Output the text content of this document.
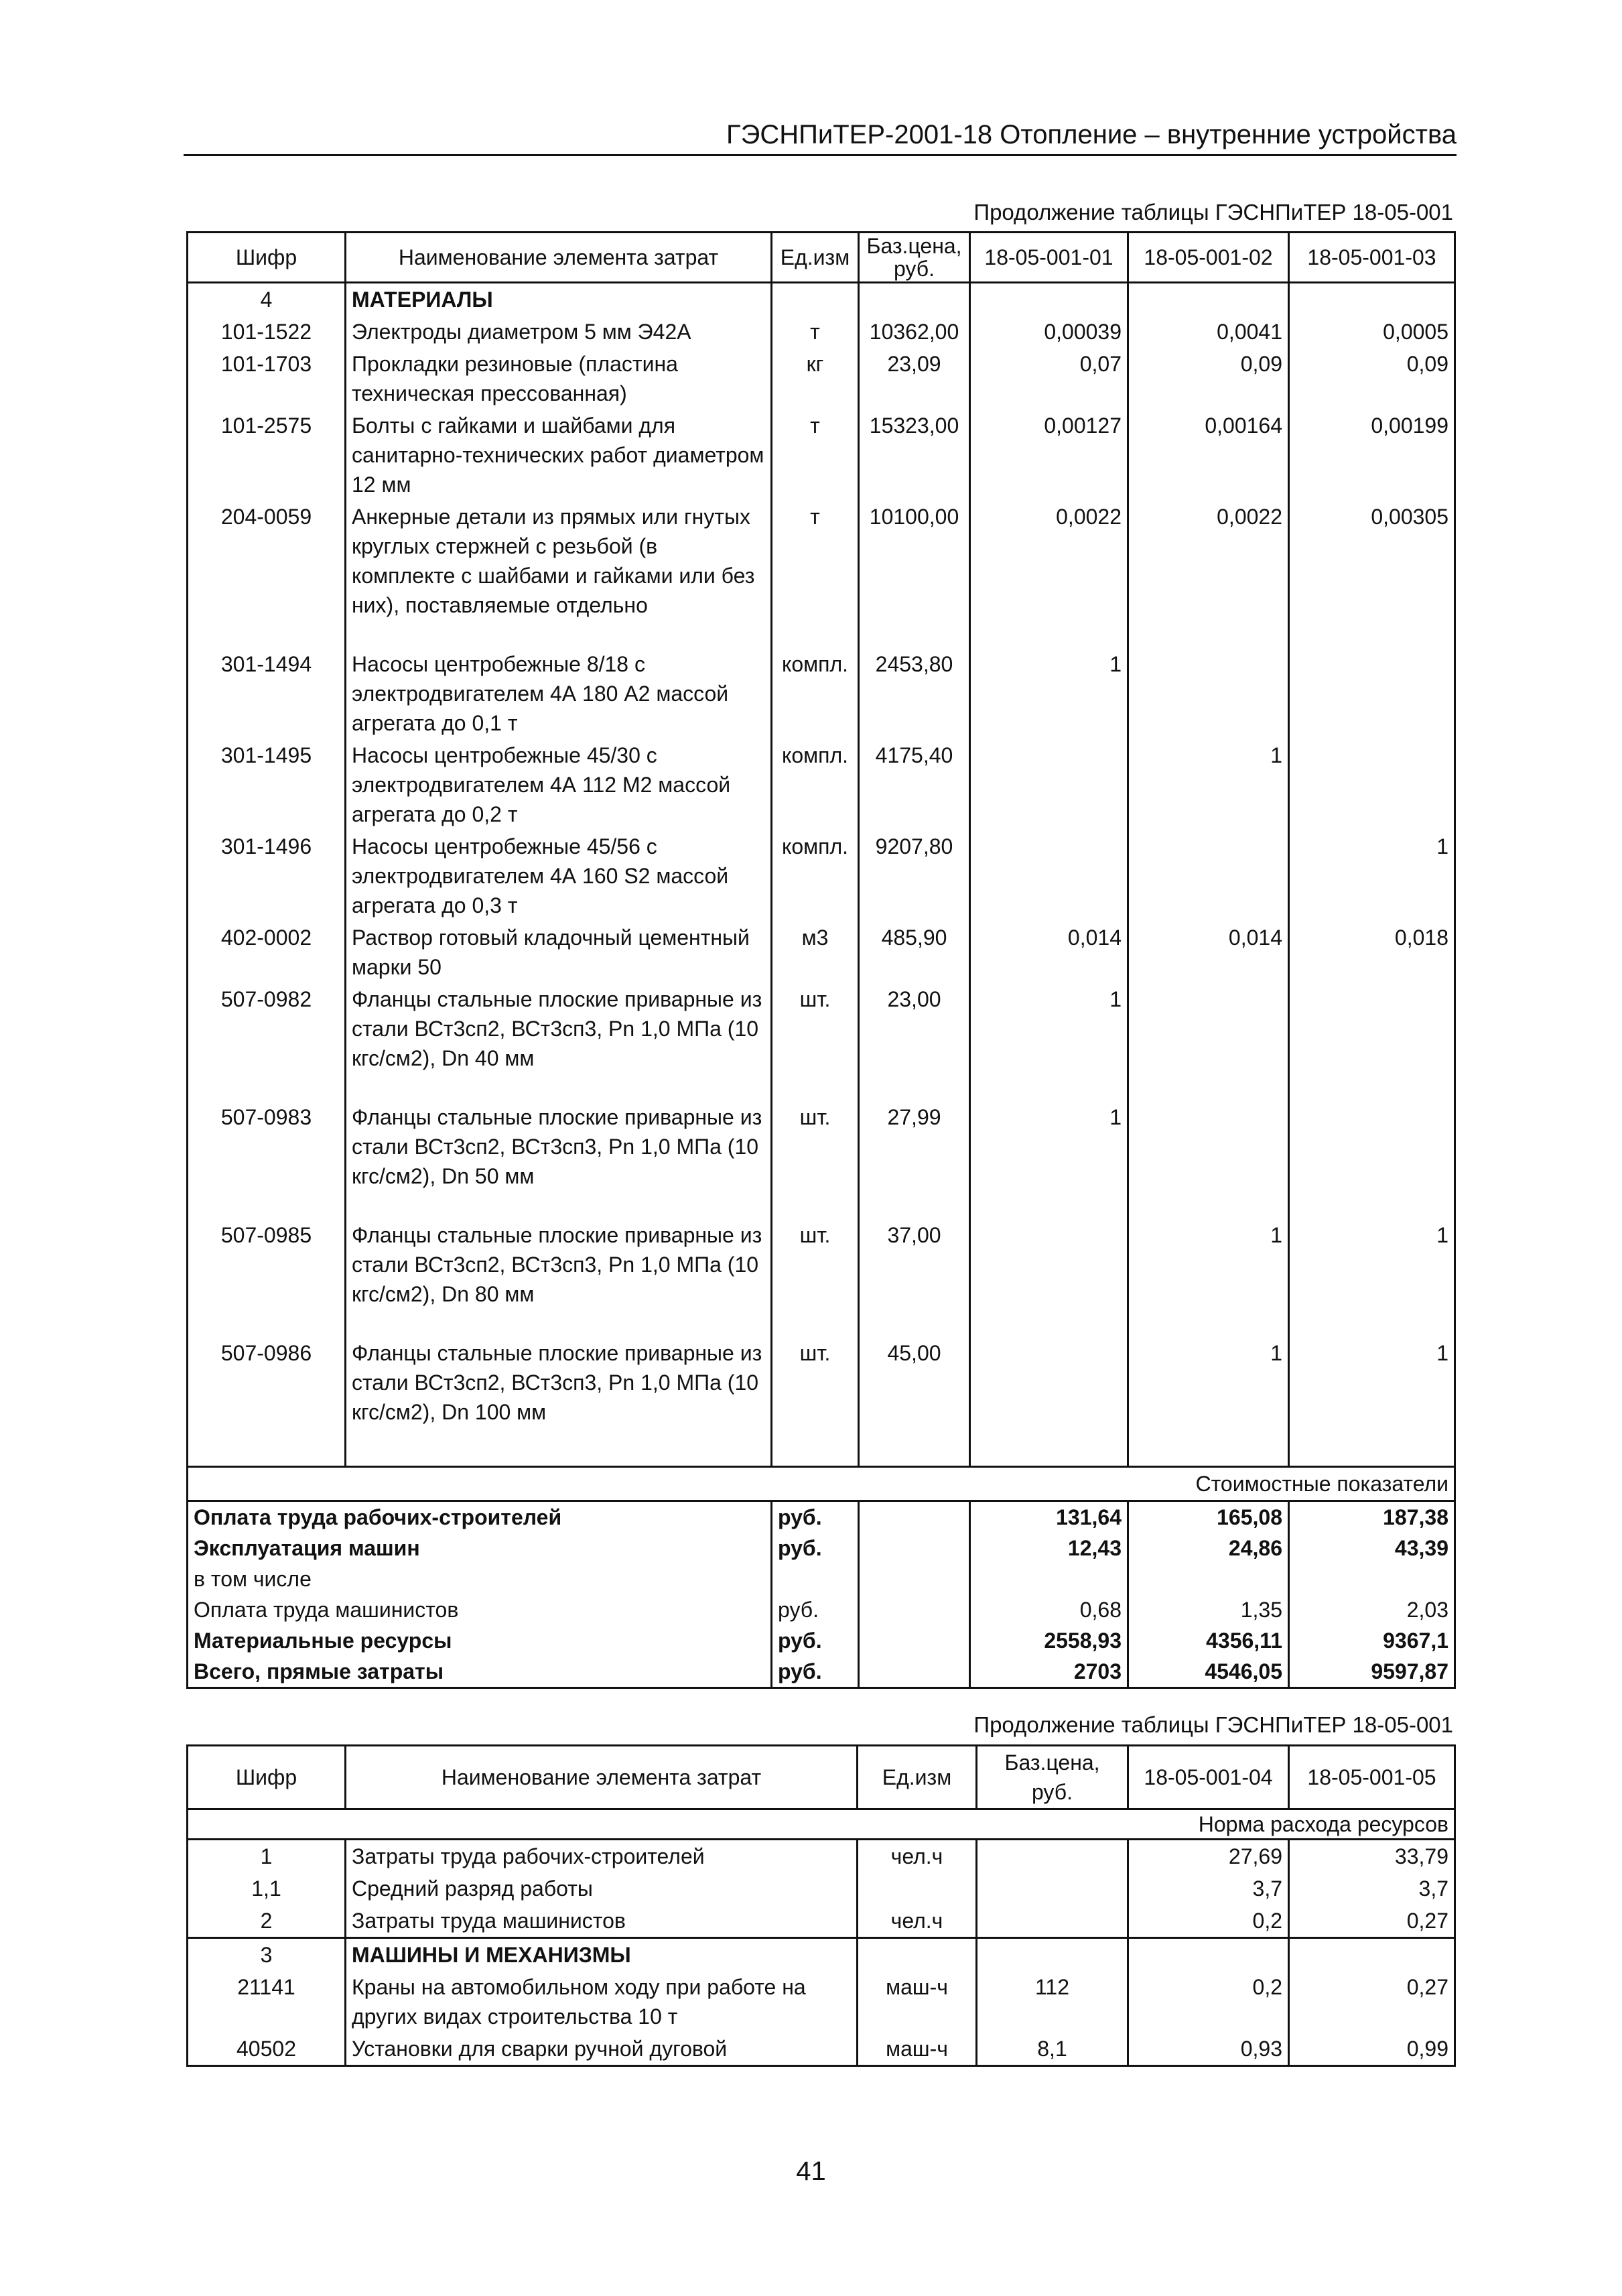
ГЭСНПиТЕР-2001-18 Отопление – внутренние устройства
Продолжение таблицы ГЭСНПиТЕР 18-05-001
Шифр	Наименование элемента затрат	Ед.изм	Баз.цена, руб.	18-05-001-01	18-05-001-02	18-05-001-03
4	МАТЕРИАЛЫ					
101-1522	Электроды диаметром 5 мм Э42А	т	10362,00	0,00039	0,0041	0,0005
101-1703	Прокладки резиновые (пластина техническая прессованная)	кг	23,09	0,07	0,09	0,09
101-2575	Болты с гайками и шайбами для санитарно-технических работ диаметром 12 мм	т	15323,00	0,00127	0,00164	0,00199
204-0059	Анкерные детали из прямых или гнутых круглых стержней с резьбой (в комплекте с шайбами и гайками или без них), поставляемые отдельно	т	10100,00	0,0022	0,0022	0,00305
301-1494	Насосы центробежные 8/18 с электродвигателем 4А 180 А2 массой агрегата до 0,1 т	компл.	2453,80	1		
301-1495	Насосы центробежные 45/30 с электродвигателем 4А 112 М2 массой агрегата до 0,2 т	компл.	4175,40		1	
301-1496	Насосы центробежные 45/56 с электродвигателем 4А 160 S2 массой агрегата до 0,3 т	компл.	9207,80			1
402-0002	Раствор готовый кладочный цементный марки 50	м3	485,90	0,014	0,014	0,018
507-0982	Фланцы стальные плоские приварные из стали ВСт3сп2, ВСт3сп3, Рn 1,0 МПа (10 кгс/см2), Dn 40 мм	шт.	23,00	1		
507-0983	Фланцы стальные плоские приварные из стали ВСт3сп2, ВСт3сп3, Рn 1,0 МПа (10 кгс/см2), Dn 50 мм	шт.	27,99	1		
507-0985	Фланцы стальные плоские приварные из стали ВСт3сп2, ВСт3сп3, Рn 1,0 МПа (10 кгс/см2), Dn 80 мм	шт.	37,00		1	1
507-0986	Фланцы стальные плоские приварные из стали ВСт3сп2, ВСт3сп3, Рn 1,0 МПа (10 кгс/см2), Dn 100 мм	шт.	45,00		1	1

				Стоимостные показатели		
Оплата труда рабочих-строителей		руб.		131,64	165,08	187,38
Эксплуатация машин		руб.		12,43	24,86	43,39
в том числе						
Оплата труда машинистов		руб.		0,68	1,35	2,03
Материальные ресурсы		руб.		2558,93	4356,11	9367,1
Всего, прямые затраты		руб.		2703	4546,05	9597,87
Продолжение таблицы ГЭСНПиТЕР 18-05-001
Шифр	Наименование элемента затрат	Ед.изм	Баз.цена, руб.	18-05-001-04	18-05-001-05
				Норма расхода ресурсов	
1	Затраты труда рабочих-строителей	чел.ч		27,69	33,79
1,1	Средний разряд работы			3,7	3,7
2	Затраты труда машинистов	чел.ч		0,2	0,27
3	МАШИНЫ И МЕХАНИЗМЫ				
21141	Краны на автомобильном ходу при работе на других видах строительства 10 т	маш-ч	112	0,2	0,27
40502	Установки для сварки ручной дуговой	маш-ч	8,1	0,93	0,99
41
